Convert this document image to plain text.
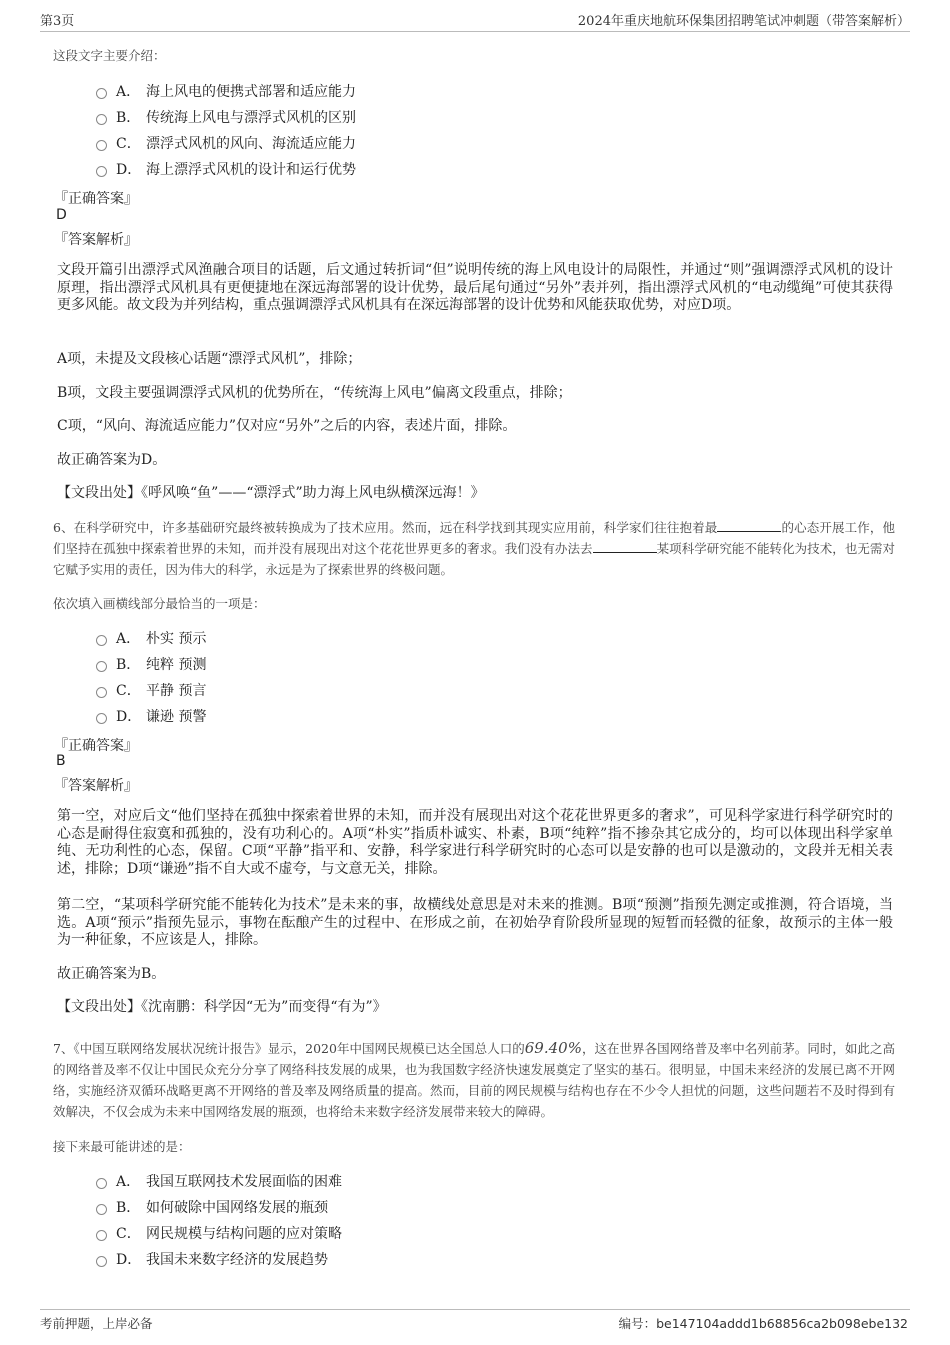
第3页	2024年重庆地航环保集团招聘笔试冲刺题（带答案解析）
这段文字主要介绍：
A． 海上风电的便携式部署和适应能力
B． 传统海上风电与漂浮式风机的区别
C． 漂浮式风机的风向、海流适应能力
D． 海上漂浮式风机的设计和运行优势
『正确答案』
D
『答案解析』
文段开篇引出漂浮式风渔融合项目的话题，后文通过转折词“但”说明传统的海上风电设计的局限性，并通过“则”强调漂浮式风机的设计原理，指出漂浮式风机具有更便捷地在深远海部署的设计优势，最后尾句通过“另外”表并列，指出漂浮式风机的“电动缆绳”可使其获得更多风能。故文段为并列结构，重点强调漂浮式风机具有在深远海部署的设计优势和风能获取优势，对应D项。
A项，未提及文段核心话题“漂浮式风机”，排除；
B项，文段主要强调漂浮式风机的优势所在，“传统海上风电”偏离文段重点，排除；
C项，“风向、海流适应能力”仅对应“另外”之后的内容，表述片面，排除。
故正确答案为D。
【文段出处】《呼风唤“鱼”——“漂浮式”助力海上风电纵横深远海！》
6、在科学研究中，许多基础研究最终被转换成为了技术应用。然而，远在科学找到其现实应用前，科学家们往往抱着最	的心态开展工作，他们坚持在孤独中探索着世界的未知，而并没有展现出对这个花花世界更多的奢求。我们没有办法去	某项科学研究能不能转化为技术，也无需对它赋予实用的责任，因为伟大的科学，永远是为了探索世界的终极问题。
依次填入画横线部分最恰当的一项是：
A． 朴实 预示
B． 纯粹 预测
C． 平静 预言
D． 谦逊 预警
『正确答案』
B
『答案解析』
第一空，对应后文“他们坚持在孤独中探索着世界的未知，而并没有展现出对这个花花世界更多的奢求”，可见科学家进行科学研究时的心态是耐得住寂寞和孤独的，没有功利心的。A项“朴实”指质朴诚实、朴素，B项“纯粹”指不掺杂其它成分的，均可以体现出科学家单纯、无功利性的心态，保留。C项“平静”指平和、安静，科学家进行科学研究时的心态可以是安静的也可以是激动的，文段并无相关表述，排除；D项“谦逊”指不自大或不虚夸，与文意无关，排除。
第二空，“某项科学研究能不能转化为技术”是未来的事，故横线处意思是对未来的推测。B项“预测”指预先测定或推测，符合语境，当选。A项“预示”指预先显示，事物在酝酿产生的过程中、在形成之前，在初始孕育阶段所显现的短暂而轻微的征象，故预示的主体一般为一种征象，不应该是人，排除。
故正确答案为B。
【文段出处】《沈南鹏：科学因“无为”而变得“有为”》
7、《中国互联网络发展状况统计报告》显示，2020年中国网民规模已达全国总人口的69.40%，这在世界各国网络普及率中名列前茅。同时，如此之高的网络普及率不仅让中国民众充分分享了网络科技发展的成果，也为我国数字经济快速发展奠定了坚实的基石。很明显，中国未来经济的发展已离不开网络，实施经济双循环战略更离不开网络的普及率及网络质量的提高。然而，目前的网民规模与结构也存在不少令人担忧的问题，这些问题若不及时得到有效解决，不仅会成为未来中国网络发展的瓶颈，也将给未来数字经济发展带来较大的障碍。
接下来最可能讲述的是：
A． 我国互联网技术发展面临的困难
B． 如何破除中国网络发展的瓶颈
C． 网民规模与结构问题的应对策略
D． 我国未来数字经济的发展趋势
考前押题，上岸必备	编号：be147104addd1b68856ca2b098ebe132
